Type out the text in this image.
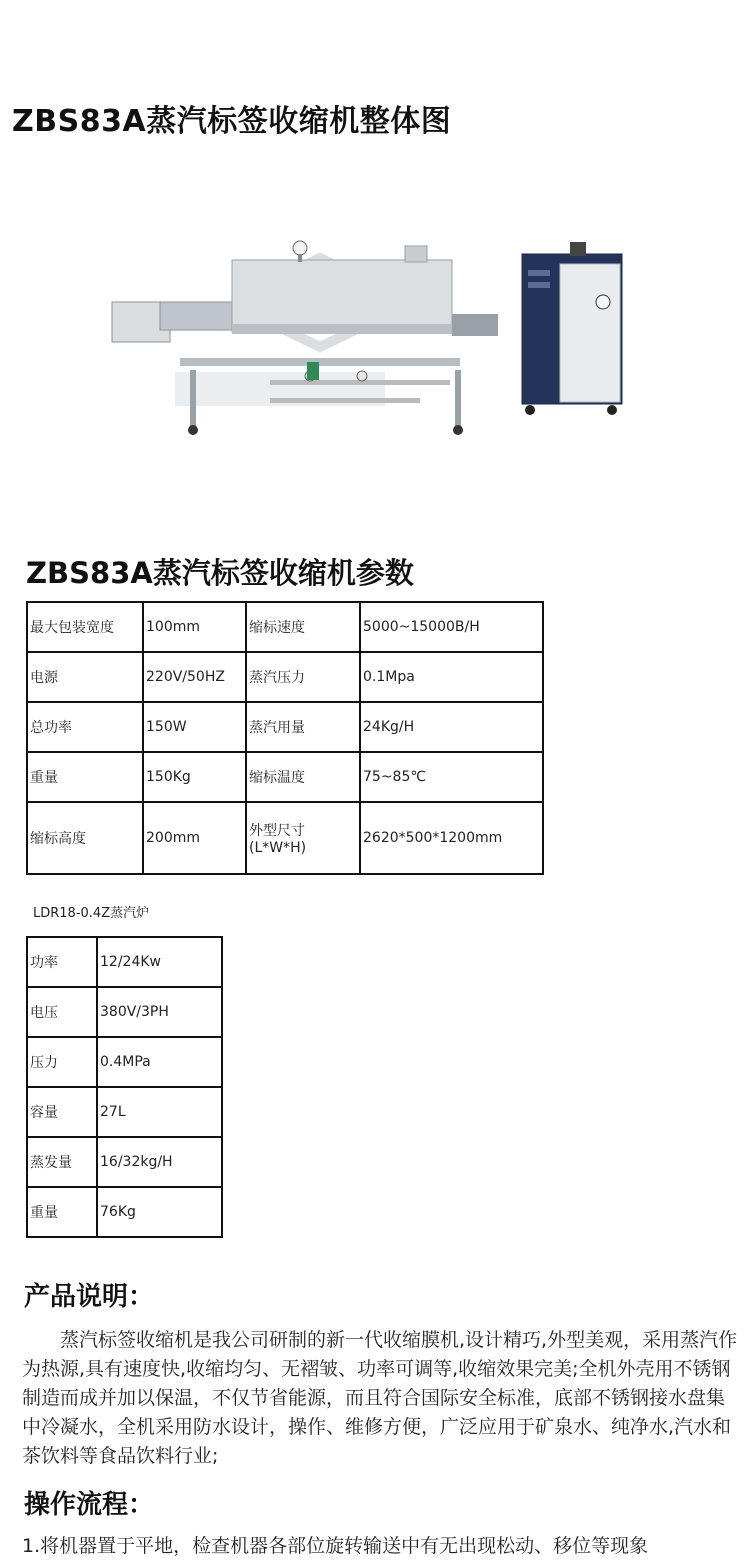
ZBS83A蒸汽标签收缩机整体图
鼎业旗舰店
ZBS83A蒸汽标签收缩机参数
最大包装宽度	100mm	缩标速度	5000~15000B/H
电源	220V/50HZ	蒸汽压力	0.1Mpa
总功率	150W	蒸汽用量	24Kg/H
重量	150Kg	缩标温度	75~85℃
缩标高度	200mm	外型尺寸(L*W*H)	2620*500*1200mm
LDR18-0.4Z蒸汽炉
功率	12/24Kw
电压	380V/3PH
压力	0.4MPa
容量	27L
蒸发量	16/32kg/H
重量	76Kg
产品说明：

蒸汽标签收缩机是我公司研制的新一代收缩膜机,设计精巧,外型美观，采用蒸汽作为热源,具有速度快,收缩均匀、无褶皱、功率可调等,收缩效果完美;全机外壳用不锈钢制造而成并加以保温，不仅节省能源，而且符合国际安全标准，底部不锈钢接水盘集中冷凝水，全机采用防水设计，操作、维修方便，广泛应用于矿泉水、纯净水,汽水和茶饮料等食品饮料行业;

操作流程：

1.将机器置于平地，检查机器各部位旋转输送中有无出现松动、移位等现象
